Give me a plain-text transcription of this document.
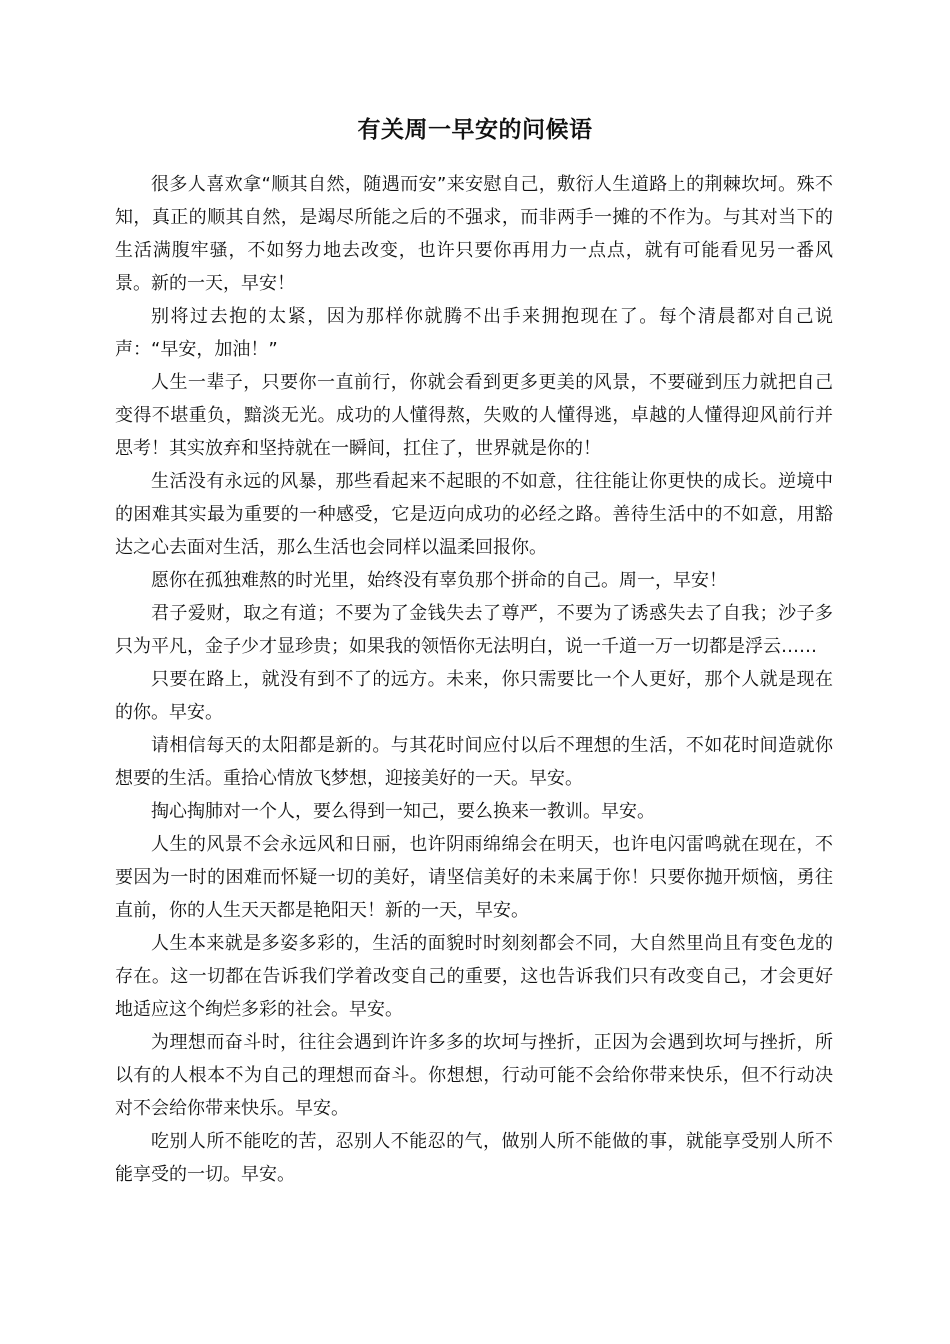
有关周一早安的问候语

很多人喜欢拿“顺其自然，随遇而安”来安慰自己，敷衍人生道路上的荆棘坎坷。殊不知，真正的顺其自然，是竭尽所能之后的不强求，而非两手一摊的不作为。与其对当下的生活满腹牢骚，不如努力地去改变，也许只要你再用力一点点，就有可能看见另一番风景。新的一天，早安！

别将过去抱的太紧，因为那样你就腾不出手来拥抱现在了。每个清晨都对自己说声：“早安，加油！”

人生一辈子，只要你一直前行，你就会看到更多更美的风景，不要碰到压力就把自己变得不堪重负，黯淡无光。成功的人懂得熬，失败的人懂得逃，卓越的人懂得迎风前行并思考！其实放弃和坚持就在一瞬间，扛住了，世界就是你的！

生活没有永远的风暴，那些看起来不起眼的不如意，往往能让你更快的成长。逆境中的困难其实最为重要的一种感受，它是迈向成功的必经之路。善待生活中的不如意，用豁达之心去面对生活，那么生活也会同样以温柔回报你。

愿你在孤独难熬的时光里，始终没有辜负那个拼命的自己。周一，早安！

君子爱财，取之有道；不要为了金钱失去了尊严，不要为了诱惑失去了自我；沙子多只为平凡，金子少才显珍贵；如果我的领悟你无法明白，说一千道一万一切都是浮云……

只要在路上，就没有到不了的远方。未来，你只需要比一个人更好，那个人就是现在的你。早安。

请相信每天的太阳都是新的。与其花时间应付以后不理想的生活，不如花时间造就你想要的生活。重拾心情放飞梦想，迎接美好的一天。早安。

掏心掏肺对一个人，要么得到一知己，要么换来一教训。早安。

人生的风景不会永远风和日丽，也许阴雨绵绵会在明天，也许电闪雷鸣就在现在，不要因为一时的困难而怀疑一切的美好，请坚信美好的未来属于你！只要你抛开烦恼，勇往直前，你的人生天天都是艳阳天！新的一天，早安。

人生本来就是多姿多彩的，生活的面貌时时刻刻都会不同，大自然里尚且有变色龙的存在。这一切都在告诉我们学着改变自己的重要，这也告诉我们只有改变自己，才会更好地适应这个绚烂多彩的社会。早安。

为理想而奋斗时，往往会遇到许许多多的坎坷与挫折，正因为会遇到坎坷与挫折，所以有的人根本不为自己的理想而奋斗。你想想，行动可能不会给你带来快乐，但不行动决对不会给你带来快乐。早安。

吃别人所不能吃的苦，忍别人不能忍的气，做别人所不能做的事，就能享受别人所不能享受的一切。早安。
